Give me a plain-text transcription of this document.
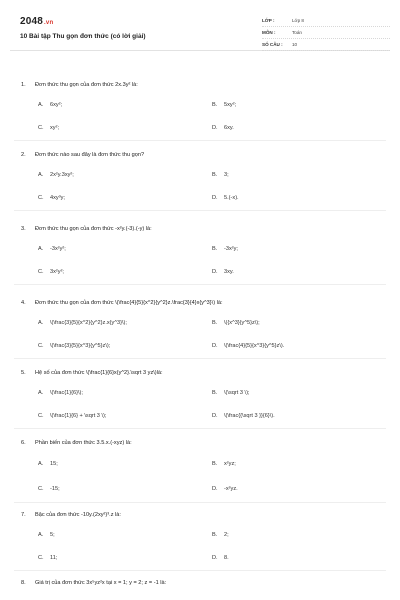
2048.vn
10 Bài tập Thu gọn đơn thức (có lời giải)
LỚP :	Lớp 8
MÔN :	Toán
SỐ CÂU :	10
1. Đơn thức thu gọn của đơn thức 2x.3y² là:
A. 6xy²;	B. 5xy²;
C. xy²;	D. 6xy.
2. Đơn thức nào sau đây là đơn thức thu gọn?
A. 2x²y.3xy²;	B. 3;
C. 4xy³y;	D. 5.(-x).
3. Đơn thức thu gọn của đơn thức -x²y.(-3).(-y) là:
A. -3x²y²;	B. -3x²y;
C. 3x²y²;	D. 3xy.
4. Đơn thức thu gọn của đơn thức \(\frac{4}{5}{x^2}{y^2}z.\frac{3}{4}x{y^3}\) là:
A. \(\frac{3}{5}{x^2}{y^2}z.x{y^3}\);	B. \({x^3}{y^5}z\);
C. \(\frac{3}{5}{x^3}{y^5}z\);	D. \(\frac{4}{5}{x^3}{y^5}z\).
5. Hệ số của đơn thức \(\frac{1}{6}x{y^2}.\sqrt 3 yz\)là:
A. \(\frac{1}{6}\);	B. \(\sqrt 3 \);
C. \(\frac{1}{6} + \sqrt 3 \);	D. \(\frac{{\sqrt 3 }}{6}\).
6. Phần biến của đơn thức 3.5.x.(-xyz) là:
A. 15;	B. x²yz;
C. -15;	D. -x²yz.
7. Bậc của đơn thức -10y.(2xy²)³.z là:
A. 5;	B. 2;
C. 11;	D. 8.
8. Giá trị của đơn thức 3x⁵yz²x tại x = 1; y = 2; z = -1 là:
